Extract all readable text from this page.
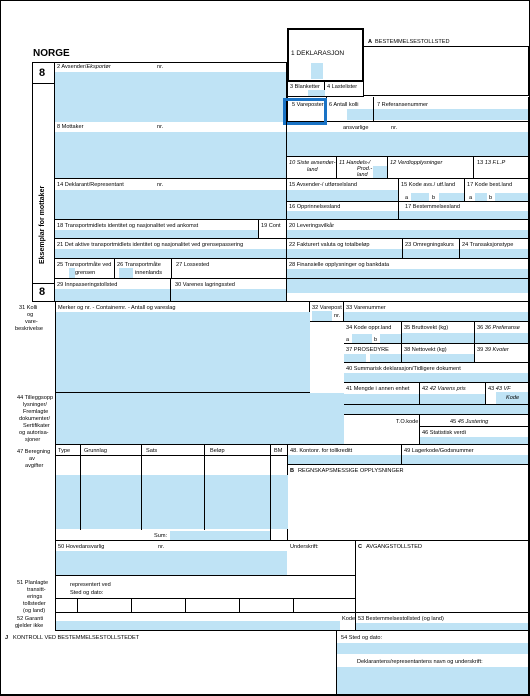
NORGE
A BESTEMMELSESTOLLSTED
8
Eksemplar for mottaker
8
2 Avsender/Eksportør	nr.
1 DEKLARASJON
3 Blanketter 4 Lastelister
5 Vareposter 6 Antall kolli	7 Referansenummer
8 Mottaker	nr.	ansvarlige	nr.
10 Siste avsender-
land
11 Handels-/
Prod.-
land
12 Verdiopplysninger	13 13 F.L.P
14 Deklarant/Representant	nr.	15 Avsender-/ utførselsland	15 Kode avs./ utf.land
a	b
17 Kode best.land
a	b
16 Opprinnelsesland	17 Bestemmelsesland
18 Transportmidlets identitet og nasjonalitet ved ankomst	19 Cont 20 Leveringsvilkår
21 Det aktive transportmidlets identitet og nasjonalitet ved grensepassering	22 Fakturert valuta og totalbeløp	23 Omregningskurs 24 Transaksjonstype
25 Transportmåte ved
grensen
26 Transportmåte
innenlands
27 Lossested	28 Finansielle opplysninger og bankdata
29 Innpasseringstollsted	30 Varenes lagringssted
31 Kolli
og
vare-
beskrivelse
Merker og nr. - Containernr. - Antall og vareslag	32 Varepost
nr.
33 Varenummer
34 Kode oppr.land
a	b
35 Bruttovekt (kg)	36 36 Preferanse
37 PROSEDYRE	38 Nettovekt (kg)	39 39 Kvoter
40 Summarisk deklarasjon/Tidligere dokument
41 Mengde i annen enhet 42 42 Varens pris	43 43 VF
Kode
44 Tilleggsopp
lysninger/
Fremlagte
dokumenter/
Sertifikater
og autorisa-
sjoner
T.O.kode	45 45 Justering
46 Statistisk verdi
47 Beregning
av
avgifter
Type Grunnlag	Sats	Beløp	BM
Sum:
48. Kontonr. for tollkreditt	49 Lagerkode/Godsnummer
B REGNSKAPSMESSIGE OPPLYSNINGER
50 Hovedansvarlig	nr.	Underskrift:	C AVGANGSTOLLSTED
representert ved
Sted og dato:
51 Planlagte
transitt-
erings
tollsteder
(og land)
52 Garanti
gjelder ikke
Kode 53 Bestemmelsestollsted (og land)
J KONTROLL VED BESTEMMELSESTOLLSTEDET	54 Sted og dato:
Deklarantens/representantens navn og underskrift:
